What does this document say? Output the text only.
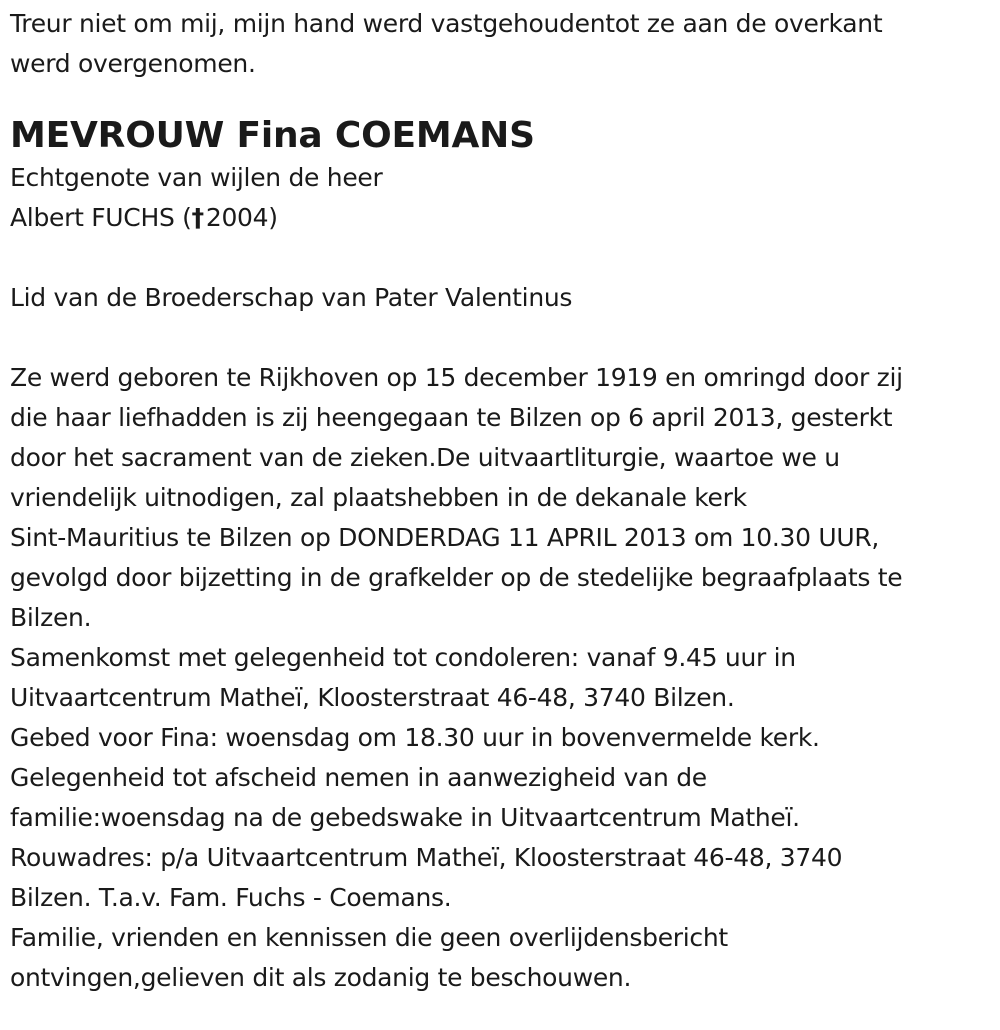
Treur niet om mij, mijn hand werd vastgehoudentot ze aan de overkant
werd overgenomen.
MEVROUW Fina COEMANS
Echtgenote van wijlen de heer
Albert FUCHS (†2004)
Lid van de Broederschap van Pater Valentinus
Ze werd geboren te Rijkhoven op 15 december 1919 en omringd door zij
die haar liefhadden is zij heengegaan te Bilzen op 6 april 2013, gesterkt
door het sacrament van de zieken.De uitvaartliturgie, waartoe we u
vriendelijk uitnodigen, zal plaatshebben in de dekanale kerk
Sint-Mauritius te Bilzen op DONDERDAG 11 APRIL 2013 om 10.30 UUR,
gevolgd door bijzetting in de grafkelder op de stedelijke begraafplaats te
Bilzen.
Samenkomst met gelegenheid tot condoleren: vanaf 9.45 uur in
Uitvaartcentrum Matheï, Kloosterstraat 46-48, 3740 Bilzen.
Gebed voor Fina: woensdag om 18.30 uur in bovenvermelde kerk.
Gelegenheid tot afscheid nemen in aanwezigheid van de
familie:woensdag na de gebedswake in Uitvaartcentrum Matheï.
Rouwadres: p/a Uitvaartcentrum Matheï, Kloosterstraat 46-48, 3740
Bilzen. T.a.v. Fam. Fuchs - Coemans.
Familie, vrienden en kennissen die geen overlijdensbericht
ontvingen,gelieven dit als zodanig te beschouwen.
